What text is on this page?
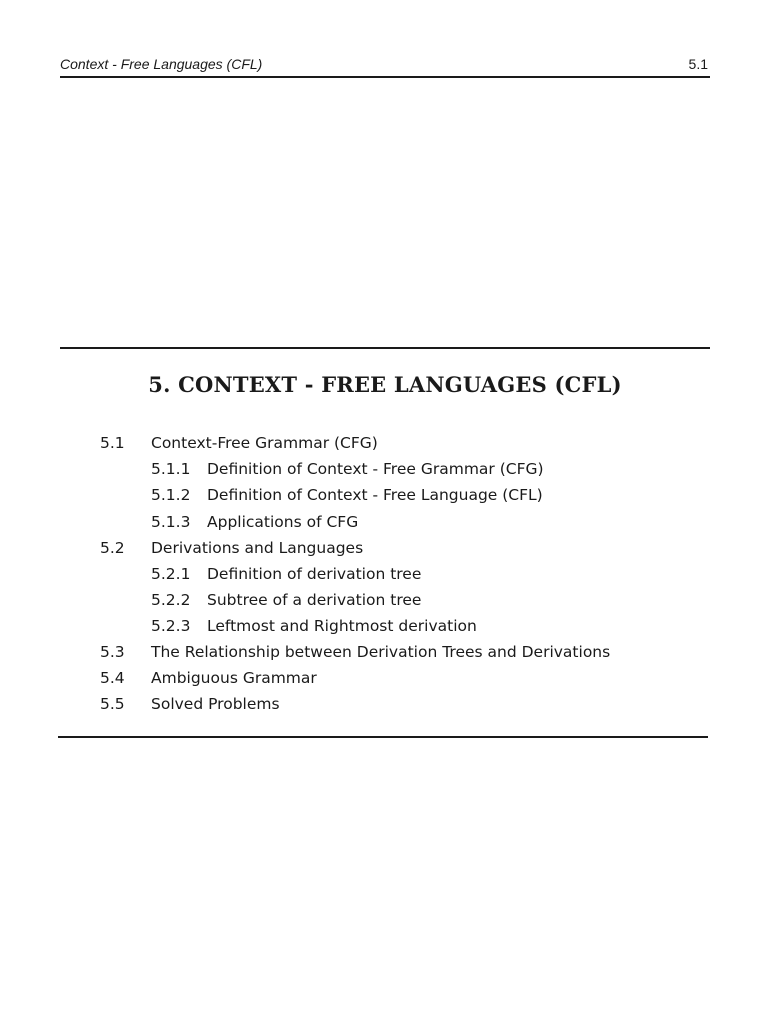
Context - Free Languages (CFL)	5.1
5. CONTEXT - FREE LANGUAGES (CFL)
5.1 Context-Free Grammar (CFG)
5.1.1 Definition of Context - Free Grammar (CFG)
5.1.2 Definition of Context - Free Language (CFL)
5.1.3 Applications of CFG
5.2 Derivations and Languages
5.2.1 Definition of derivation tree
5.2.2 Subtree of a derivation tree
5.2.3 Leftmost and Rightmost derivation
5.3 The Relationship between Derivation Trees and Derivations
5.4 Ambiguous Grammar
5.5 Solved Problems
